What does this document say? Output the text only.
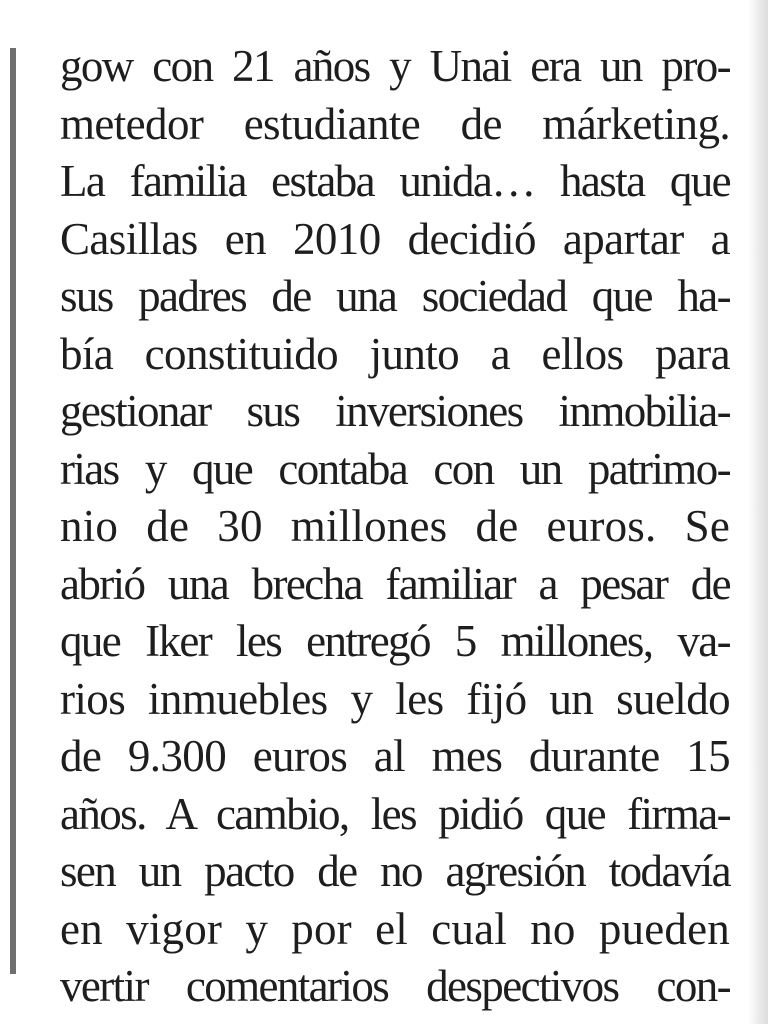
gow con 21 años y Unai era un pro-
metedor estudiante de márketing.
La familia estaba unida… hasta que
Casillas en 2010 decidió apartar a
sus padres de una sociedad que ha-
bía constituido junto a ellos para
gestionar sus inversiones inmobilia-
rias y que contaba con un patrimo-
nio de 30 millones de euros. Se
abrió una brecha familiar a pesar de
que Iker les entregó 5 millones, va-
rios inmuebles y les fijó un sueldo
de 9.300 euros al mes durante 15
años. A cambio, les pidió que firma-
sen un pacto de no agresión todavía
en vigor y por el cual no pueden
vertir comentarios despectivos con-
